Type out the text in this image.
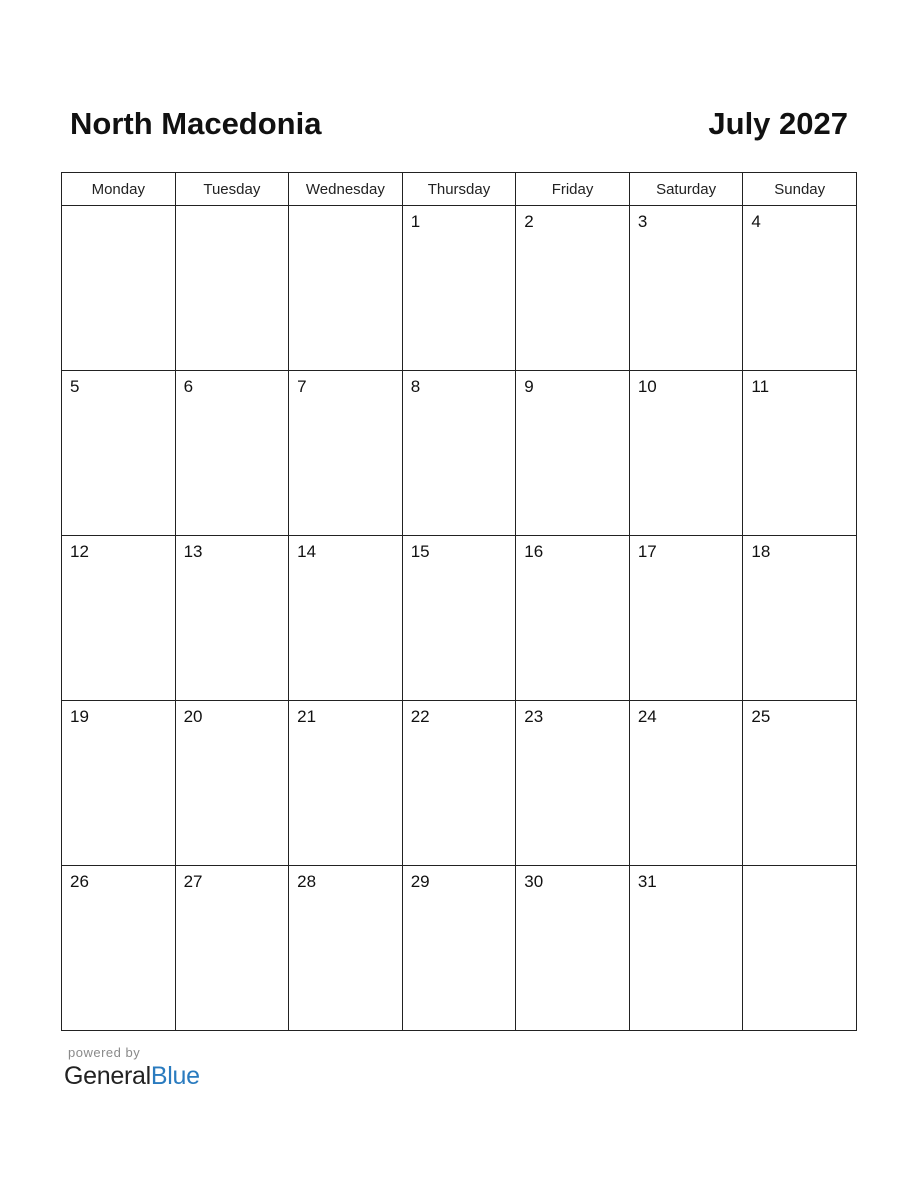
North Macedonia	July 2027
Monday	Tuesday	Wednesday	Thursday	Friday	Saturday	Sunday

			1	2	3	4

5	6	7	8	9	10	11

12	13	14	15	16	17	18

19	20	21	22	23	24	25

26	27	28	29	30	31	

powered by
GeneralBlue
